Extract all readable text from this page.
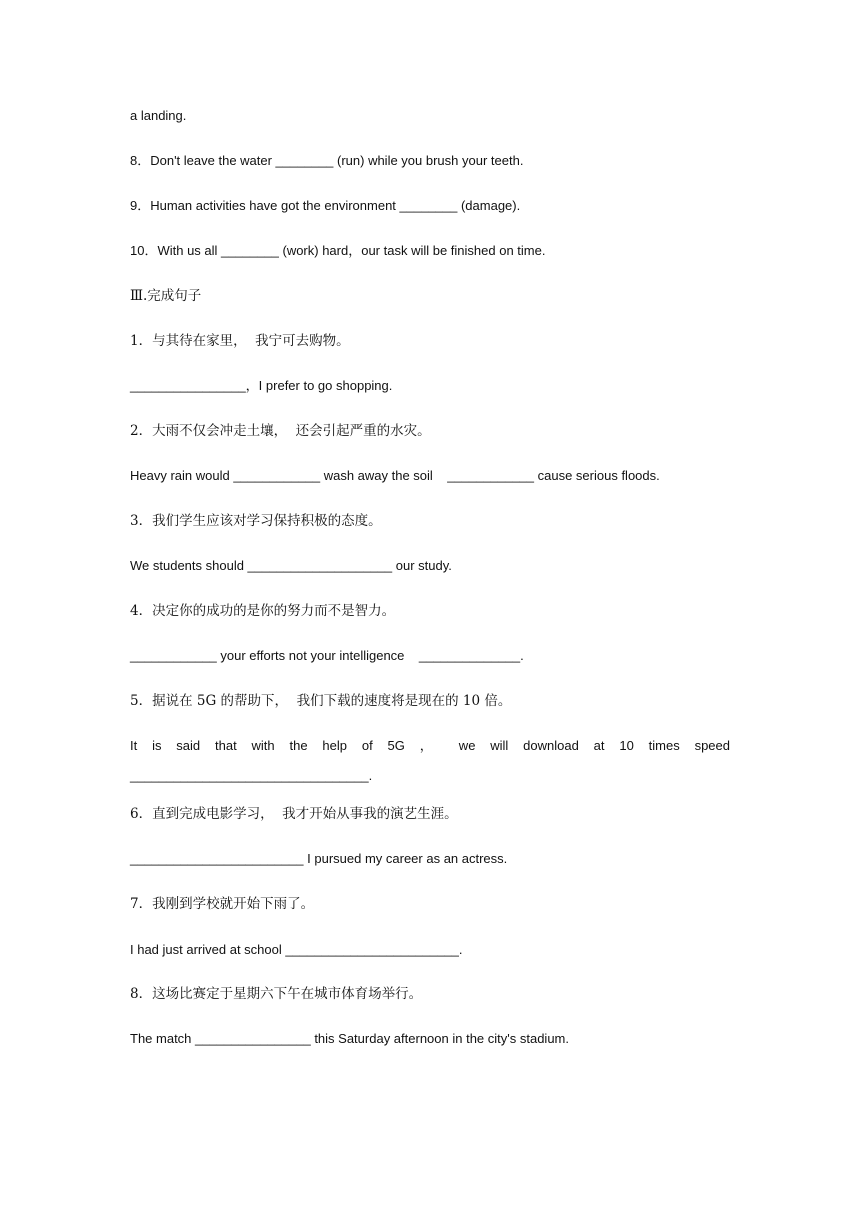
a landing.
8．Don't leave the water ________ (run) while you brush your teeth.
9．Human activities have got the environment ________ (damage).
10．With us all ________ (work) hard，our task will be finished on time.
Ⅲ.完成句子
1．与其待在家里，  我宁可去购物。
________________，I prefer to go shopping.
2．大雨不仅会冲走土壤，  还会引起严重的水灾。
Heavy rain would ____________ wash away the soil    ____________ cause serious floods.
3．我们学生应该对学习保持积极的态度。
We students should ____________________ our study.
4．决定你的成功的是你的努力而不是智力。
____________ your efforts not your intelligence    ______________.
5．据说在 5G 的帮助下，  我们下载的速度将是现在的 10 倍。
It is said that with the help of 5G ， we will download at 10 times speed
_________________________________.
6．直到完成电影学习，  我才开始从事我的演艺生涯。
________________________ I pursued my career as an actress.
7．我刚到学校就开始下雨了。
I had just arrived at school ________________________.
8．这场比赛定于星期六下午在城市体育场举行。
The match ________________ this Saturday afternoon in the city's stadium.
